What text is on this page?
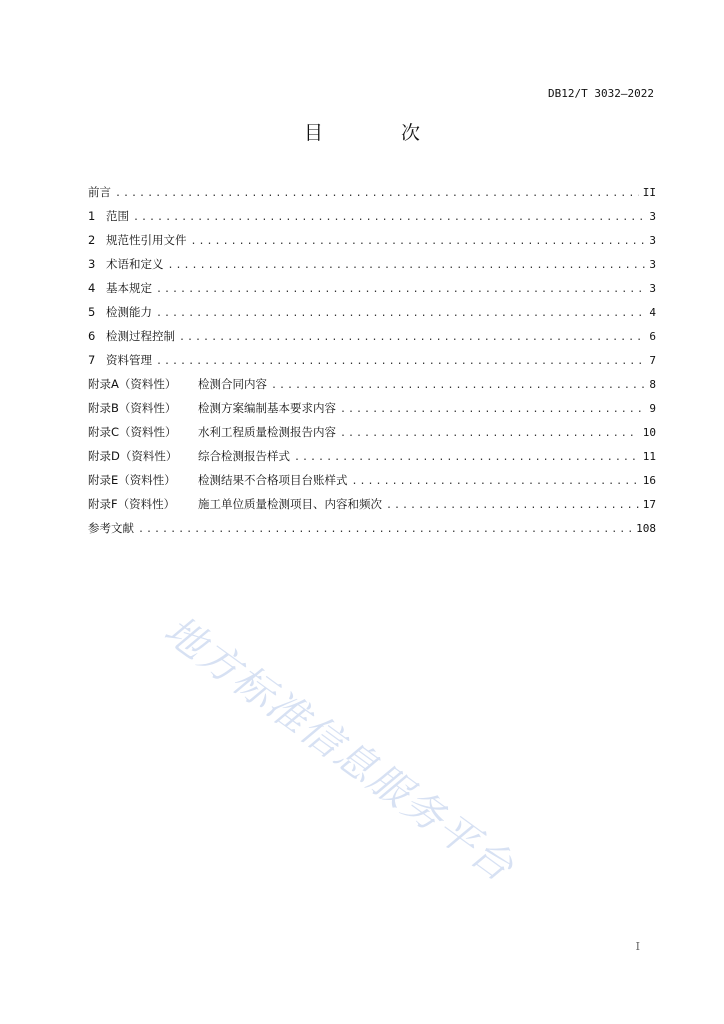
DB12/T 3032—2022
目 次
前言 .....	II
1 范围 .....	3
2 规范性引用文件 .....	3
3 术语和定义 .....	3
4 基本规定 .....	3
5 检测能力 .....	4
6 检测过程控制 .....	6
7 资料管理 .....	7
附录A（资料性）	检测合同内容 .....	8
附录B（资料性）	检测方案编制基本要求内容 .....	9
附录C（资料性）	水利工程质量检测报告内容 .....	10
附录D（资料性）	综合检测报告样式 .....	11
附录E（资料性）	检测结果不合格项目台账样式 .....	16
附录F（资料性）	施工单位质量检测项目、内容和频次 .....	17
参考文献 .....	108
地方标准信息服务平台
I
